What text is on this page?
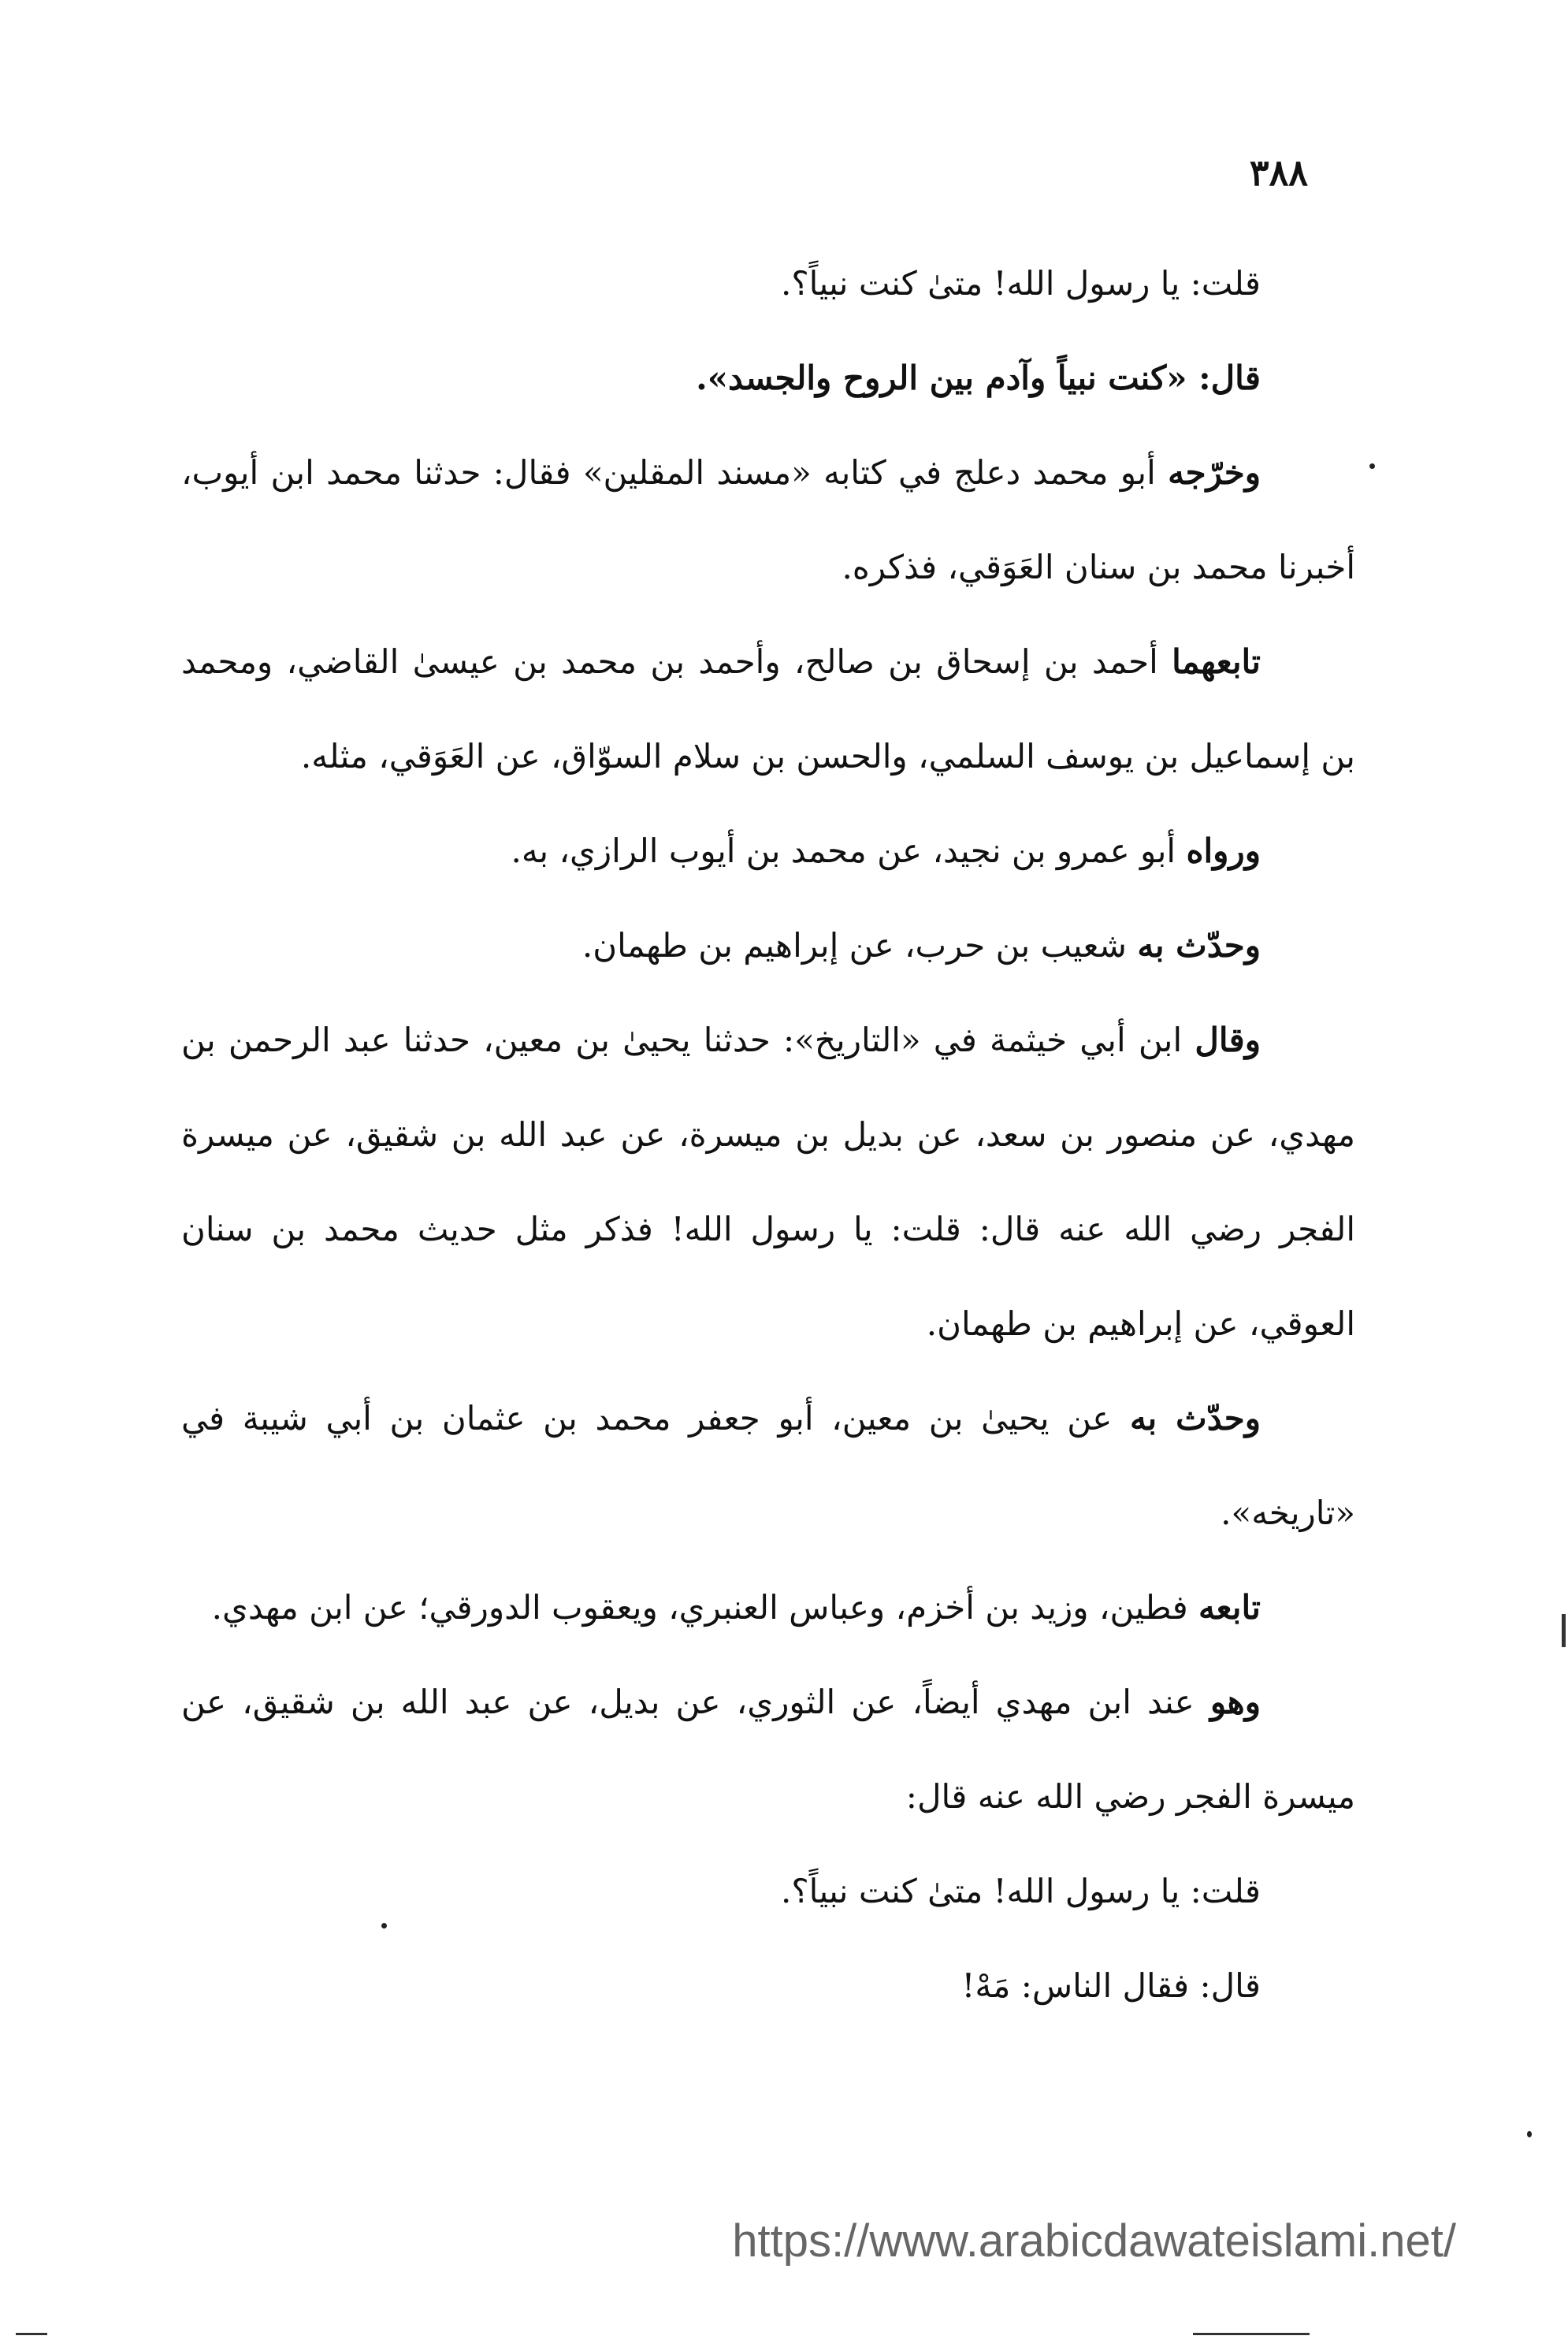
٣٨٨

قلت: يا رسول الله! متىٰ كنت نبياً؟.

قال: «كنت نبياً وآدم بين الروح والجسد».

وخرّجه أبو محمد دعلج في كتابه «مسند المقلين» فقال: حدثنا محمد ابن أيوب، أخبرنا محمد بن سنان العَوَقي، فذكره.

تابعهما أحمد بن إسحاق بن صالح، وأحمد بن محمد بن عيسىٰ القاضي، ومحمد بن إسماعيل بن يوسف السلمي، والحسن بن سلام السوّاق، عن العَوَقي، مثله.

ورواه أبو عمرو بن نجيد، عن محمد بن أيوب الرازي، به.

وحدّث به شعيب بن حرب، عن إبراهيم بن طهمان.

وقال ابن أبي خيثمة في «التاريخ»: حدثنا يحيىٰ بن معين، حدثنا عبد الرحمن بن مهدي، عن منصور بن سعد، عن بديل بن ميسرة، عن عبد الله بن شقيق، عن ميسرة الفجر رضي الله عنه قال: قلت: يا رسول الله! فذكر مثل حديث محمد بن سنان العوقي، عن إبراهيم بن طهمان.

وحدّث به عن يحيىٰ بن معين، أبو جعفر محمد بن عثمان بن أبي شيبة في «تاريخه».

تابعه فطين، وزيد بن أخزم، وعباس العنبري، ويعقوب الدورقي؛ عن ابن مهدي.

وهو عند ابن مهدي أيضاً، عن الثوري، عن بديل، عن عبد الله بن شقيق، عن ميسرة الفجر رضي الله عنه قال:

قلت: يا رسول الله! متىٰ كنت نبياً؟.

قال: فقال الناس: مَهْ!

https://www.arabicdawateislami.net/
